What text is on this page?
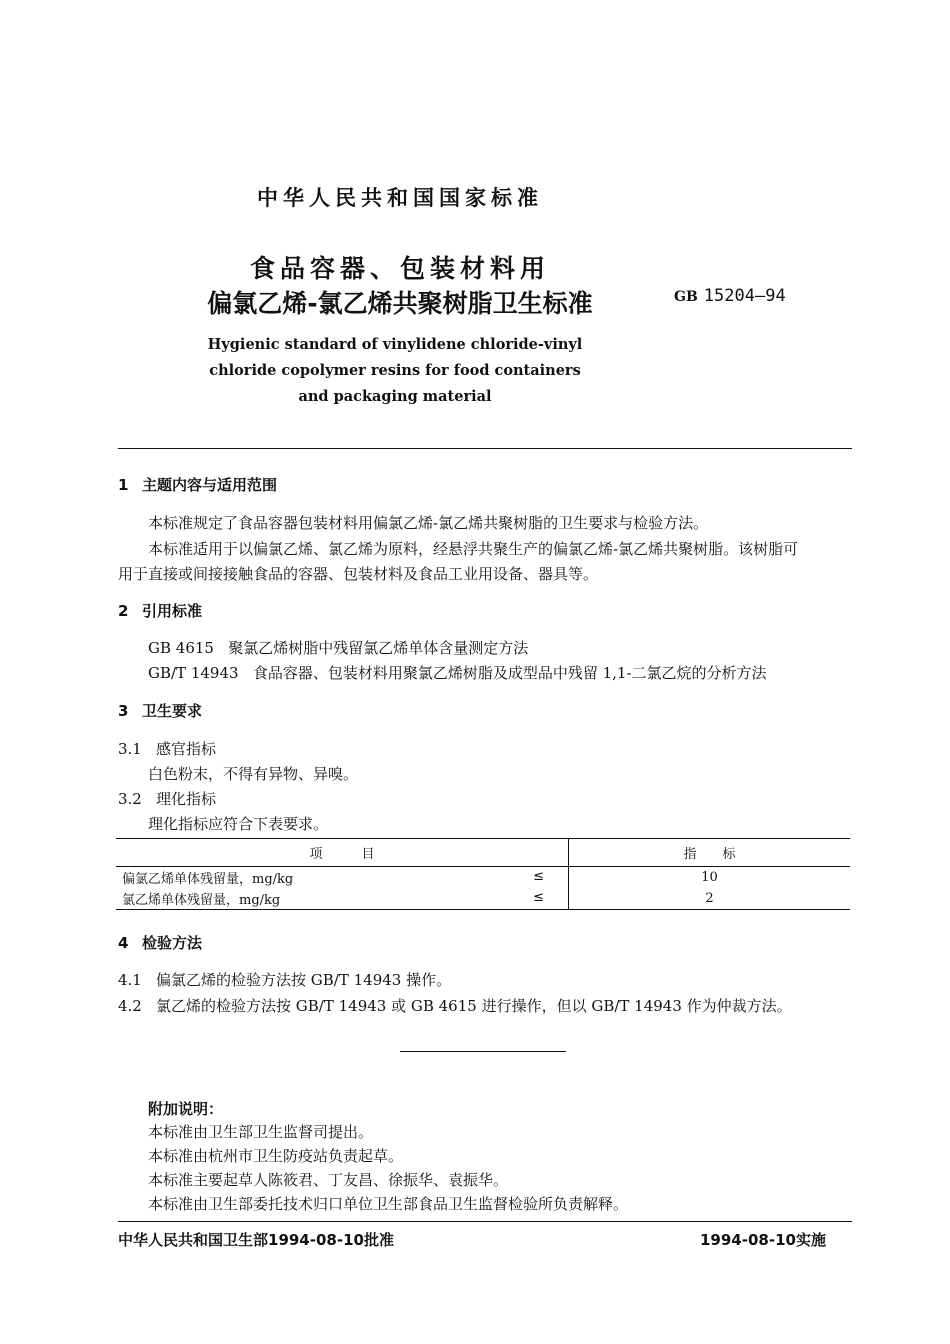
中华人民共和国国家标准
食品容器、包装材料用
偏氯乙烯-氯乙烯共聚树脂卫生标准	GB 15204—94
Hygienic standard of vinylidene chloride-vinyl
chloride copolymer resins for food containers
and packaging material
1 主题内容与适用范围
本标准规定了食品容器包装材料用偏氯乙烯-氯乙烯共聚树脂的卫生要求与检验方法。
本标准适用于以偏氯乙烯、氯乙烯为原料，经悬浮共聚生产的偏氯乙烯-氯乙烯共聚树脂。该树脂可
用于直接或间接接触食品的容器、包装材料及食品工业用设备、器具等。
2 引用标准
GB 4615   聚氯乙烯树脂中残留氯乙烯单体含量测定方法
GB/T 14943   食品容器、包装材料用聚氯乙烯树脂及成型品中残留 1,1-二氯乙烷的分析方法
3 卫生要求
3.1 感官指标
白色粉末，不得有异物、异嗅。
3.2 理化指标
理化指标应符合下表要求。
项　　　目	指　　标
偏氯乙烯单体残留量，mg/kg ≤	10
氯乙烯单体残留量，mg/kg ≤	2
4 检验方法
4.1 偏氯乙烯的检验方法按 GB/T 14943 操作。
4.2 氯乙烯的检验方法按 GB/T 14943 或 GB 4615 进行操作，但以 GB/T 14943 作为仲裁方法。
附加说明：
本标准由卫生部卫生监督司提出。
本标准由杭州市卫生防疫站负责起草。
本标准主要起草人陈筱君、丁友昌、徐振华、袁振华。
本标准由卫生部委托技术归口单位卫生部食品卫生监督检验所负责解释。
中华人民共和国卫生部1994-08-10批准	1994-08-10实施
